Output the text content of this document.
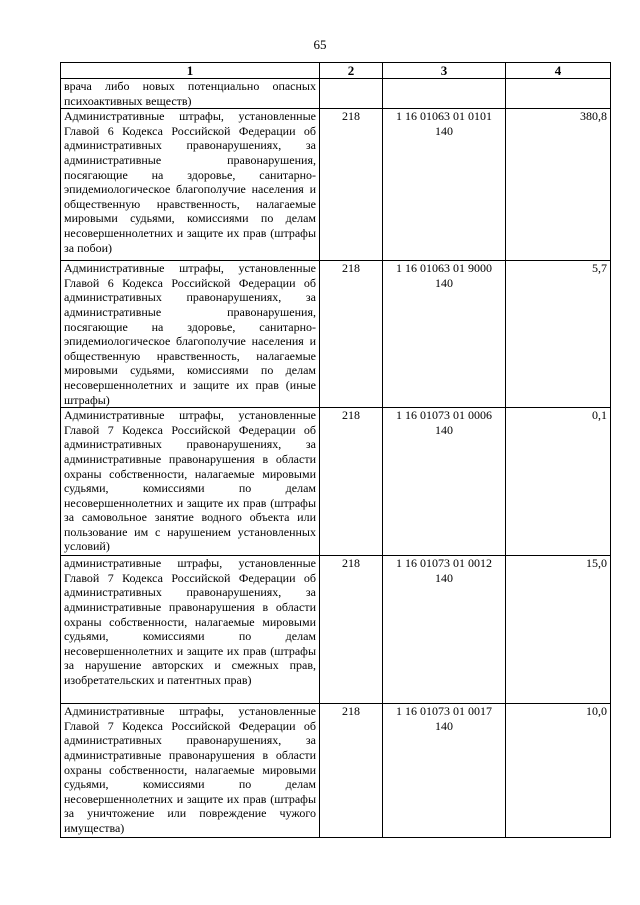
65
1	2	3	4
врача либо новых потенциально опасных психоактивных веществ)			
Административные штрафы, установленные Главой 6 Кодекса Российской Федерации об административных правонарушениях, за административные правонарушения, посягающие на здоровье, санитарно-эпидемиологическое благополучие населения и общественную нравственность, налагаемые мировыми судьями, комиссиями по делам несовершеннолетних и защите их прав (штрафы за побои)	218	1 16 01063 01 0101 140	380,8
Административные штрафы, установленные Главой 6 Кодекса Российской Федерации об административных правонарушениях, за административные правонарушения, посягающие на здоровье, санитарно-эпидемиологическое благополучие населения и общественную нравственность, налагаемые мировыми судьями, комиссиями по делам несовершеннолетних и защите их прав (иные штрафы)	218	1 16 01063 01 9000 140	5,7
Административные штрафы, установленные Главой 7 Кодекса Российской Федерации об административных правонарушениях, за административные правонарушения в области охраны собственности, налагаемые мировыми судьями, комиссиями по делам несовершеннолетних и защите их прав (штрафы за самовольное занятие водного объекта или пользование им с нарушением установленных условий)	218	1 16 01073 01 0006 140	0,1
административные штрафы, установленные Главой 7 Кодекса Российской Федерации об административных правонарушениях, за административные правонарушения в области охраны собственности, налагаемые мировыми судьями, комиссиями по делам несовершеннолетних и защите их прав (штрафы за нарушение авторских и смежных прав, изобретательских и патентных прав)	218	1 16 01073 01 0012 140	15,0
Административные штрафы, установленные Главой 7 Кодекса Российской Федерации об административных правонарушениях, за административные правонарушения в области охраны собственности, налагаемые мировыми судьями, комиссиями по делам несовершеннолетних и защите их прав (штрафы за уничтожение или повреждение чужого имущества)	218	1 16 01073 01 0017 140	10,0
